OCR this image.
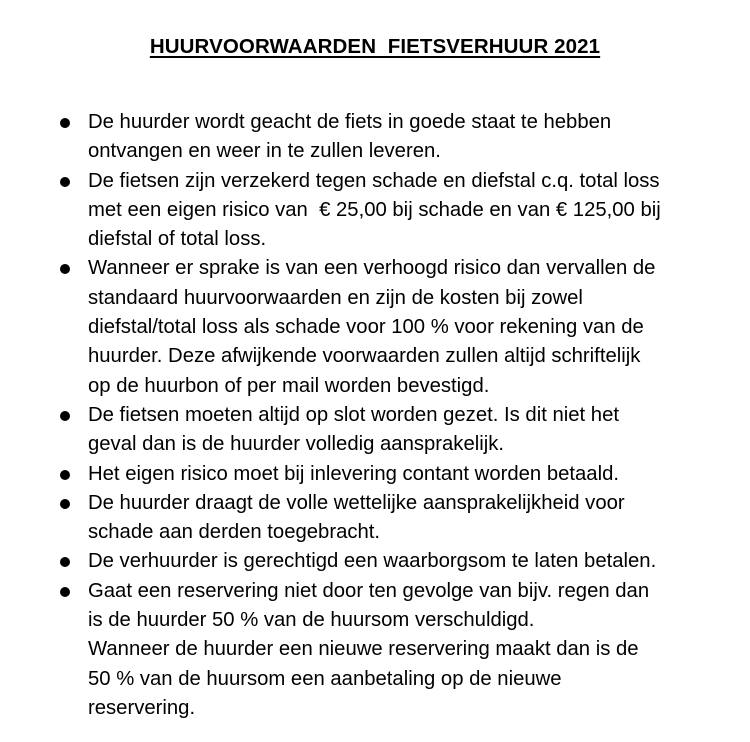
HUURVOORWAARDEN  FIETSVERHUUR 2021
De huurder wordt geacht de fiets in goede staat te hebben
ontvangen en weer in te zullen leveren.
De fietsen zijn verzekerd tegen schade en diefstal c.q. total loss
met een eigen risico van  € 25,00 bij schade en van € 125,00 bij
diefstal of total loss.
Wanneer er sprake is van een verhoogd risico dan vervallen de
standaard huurvoorwaarden en zijn de kosten bij zowel
diefstal/total loss als schade voor 100 % voor rekening van de
huurder. Deze afwijkende voorwaarden zullen altijd schriftelijk
op de huurbon of per mail worden bevestigd.
De fietsen moeten altijd op slot worden gezet. Is dit niet het
geval dan is de huurder volledig aansprakelijk.
Het eigen risico moet bij inlevering contant worden betaald.
De huurder draagt de volle wettelijke aansprakelijkheid voor
schade aan derden toegebracht.
De verhuurder is gerechtigd een waarborgsom te laten betalen.
Gaat een reservering niet door ten gevolge van bijv. regen dan
is de huurder 50 % van de huursom verschuldigd.
Wanneer de huurder een nieuwe reservering maakt dan is de
50 % van de huursom een aanbetaling op de nieuwe
reservering.
